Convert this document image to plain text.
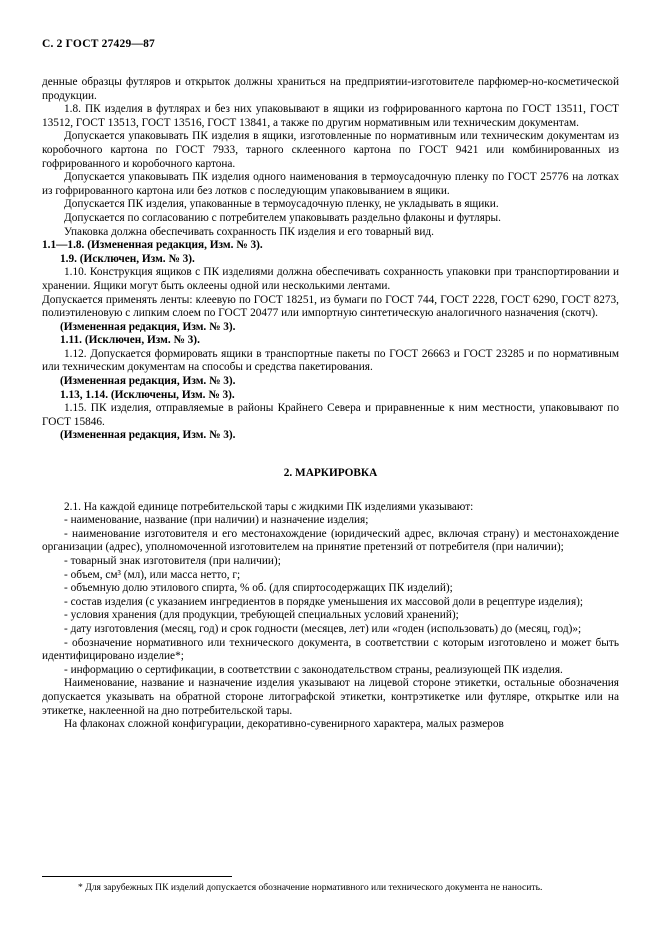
С. 2 ГОСТ 27429—87

денные образцы футляров и открыток должны храниться на предприятии-изготовителе парфюмер-но-косметической продукции.

1.8. ПК изделия в футлярах и без них упаковывают в ящики из гофрированного картона по ГОСТ 13511, ГОСТ 13512, ГОСТ 13513, ГОСТ 13516, ГОСТ 13841, а также по другим нормативным или техническим документам.

Допускается упаковывать ПК изделия в ящики, изготовленные по нормативным или техническим документам из коробочного картона по ГОСТ 7933, тарного склеенного картона по ГОСТ 9421 или комбинированных из гофрированного и коробочного картона.

Допускается упаковывать ПК изделия одного наименования в термоусадочную пленку по ГОСТ 25776 на лотках из гофрированного картона или без лотков с последующим упаковыванием в ящики.

Допускается ПК изделия, упакованные в термоусадочную пленку, не укладывать в ящики.

Допускается по согласованию с потребителем упаковывать раздельно флаконы и футляры.

Упаковка должна обеспечивать сохранность ПК изделия и его товарный вид.

1.1—1.8. (Измененная редакция, Изм. № 3).

1.9. (Исключен, Изм. № 3).

1.10. Конструкция ящиков с ПК изделиями должна обеспечивать сохранность упаковки при транспортировании и хранении. Ящики могут быть оклеены одной или несколькими лентами.

Допускается применять ленты: клеевую по ГОСТ 18251, из бумаги по ГОСТ 744, ГОСТ 2228, ГОСТ 6290, ГОСТ 8273, полиэтиленовую с липким слоем по ГОСТ 20477 или импортную синтетическую аналогичного назначения (скотч).

(Измененная редакция, Изм. № 3).

1.11. (Исключен, Изм. № 3).

1.12. Допускается формировать ящики в транспортные пакеты по ГОСТ 26663 и ГОСТ 23285 и по нормативным или техническим документам на способы и средства пакетирования.

(Измененная редакция, Изм. № 3).

1.13, 1.14. (Исключены, Изм. № 3).

1.15. ПК изделия, отправляемые в районы Крайнего Севера и приравненные к ним местности, упаковывают по ГОСТ 15846.

(Измененная редакция, Изм. № 3).

2. МАРКИРОВКА

2.1. На каждой единице потребительской тары с жидкими ПК изделиями указывают:

- наименование, название (при наличии) и назначение изделия;

- наименование изготовителя и его местонахождение (юридический адрес, включая страну) и местонахождение организации (адрес), уполномоченной изготовителем на принятие претензий от потребителя (при наличии);

- товарный знак изготовителя (при наличии);

- объем, см³ (мл), или масса нетто, г;

- объемную долю этилового спирта, % об. (для спиртосодержащих ПК изделий);

- состав изделия (с указанием ингредиентов в порядке уменьшения их массовой доли в рецептуре изделия);

- условия хранения (для продукции, требующей специальных условий хранений);

- дату изготовления (месяц, год) и срок годности (месяцев, лет) или «годен (использовать) до (месяц, год)»;

- обозначение нормативного или технического документа, в соответствии с которым изготовлено и может быть идентифицировано изделие*;

- информацию о сертификации, в соответствии с законодательством страны, реализующей ПК изделия.

Наименование, название и назначение изделия указывают на лицевой стороне этикетки, остальные обозначения допускается указывать на обратной стороне литографской этикетки, контрэтикетке или футляре, открытке или на этикетке, наклеенной на дно потребительской тары.

На флаконах сложной конфигурации, декоративно-сувенирного характера, малых размеров

* Для зарубежных ПК изделий допускается обозначение нормативного или технического документа не наносить.
